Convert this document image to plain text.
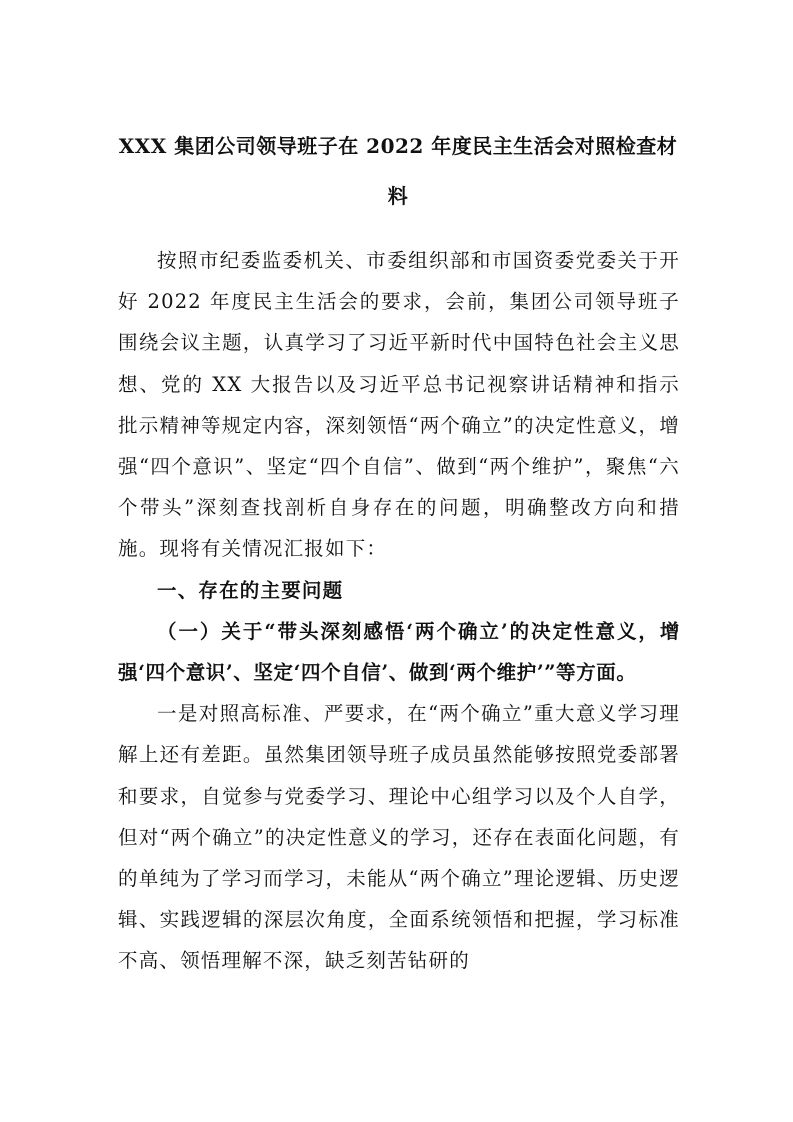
XXX 集团公司领导班子在 2022 年度民主生活会对照检查材料

按照市纪委监委机关、市委组织部和市国资委党委关于开好 2022 年度民主生活会的要求，会前，集团公司领导班子围绕会议主题，认真学习了习近平新时代中国特色社会主义思想、党的 XX 大报告以及习近平总书记视察讲话精神和指示批示精神等规定内容，深刻领悟“两个确立”的决定性意义，增强“四个意识”、坚定“四个自信”、做到“两个维护”，聚焦“六个带头”深刻查找剖析自身存在的问题，明确整改方向和措施。现将有关情况汇报如下：

一、存在的主要问题

（一）关于“带头深刻感悟‘两个确立’的决定性意义，增强‘四个意识’、坚定‘四个自信’、做到‘两个维护’”等方面。

一是对照高标准、严要求，在“两个确立”重大意义学习理解上还有差距。虽然集团领导班子成员虽然能够按照党委部署和要求，自觉参与党委学习、理论中心组学习以及个人自学，但对“两个确立”的决定性意义的学习，还存在表面化问题，有的单纯为了学习而学习，未能从“两个确立”理论逻辑、历史逻辑、实践逻辑的深层次角度，全面系统领悟和把握，学习标准不高、领悟理解不深，缺乏刻苦钻研的
